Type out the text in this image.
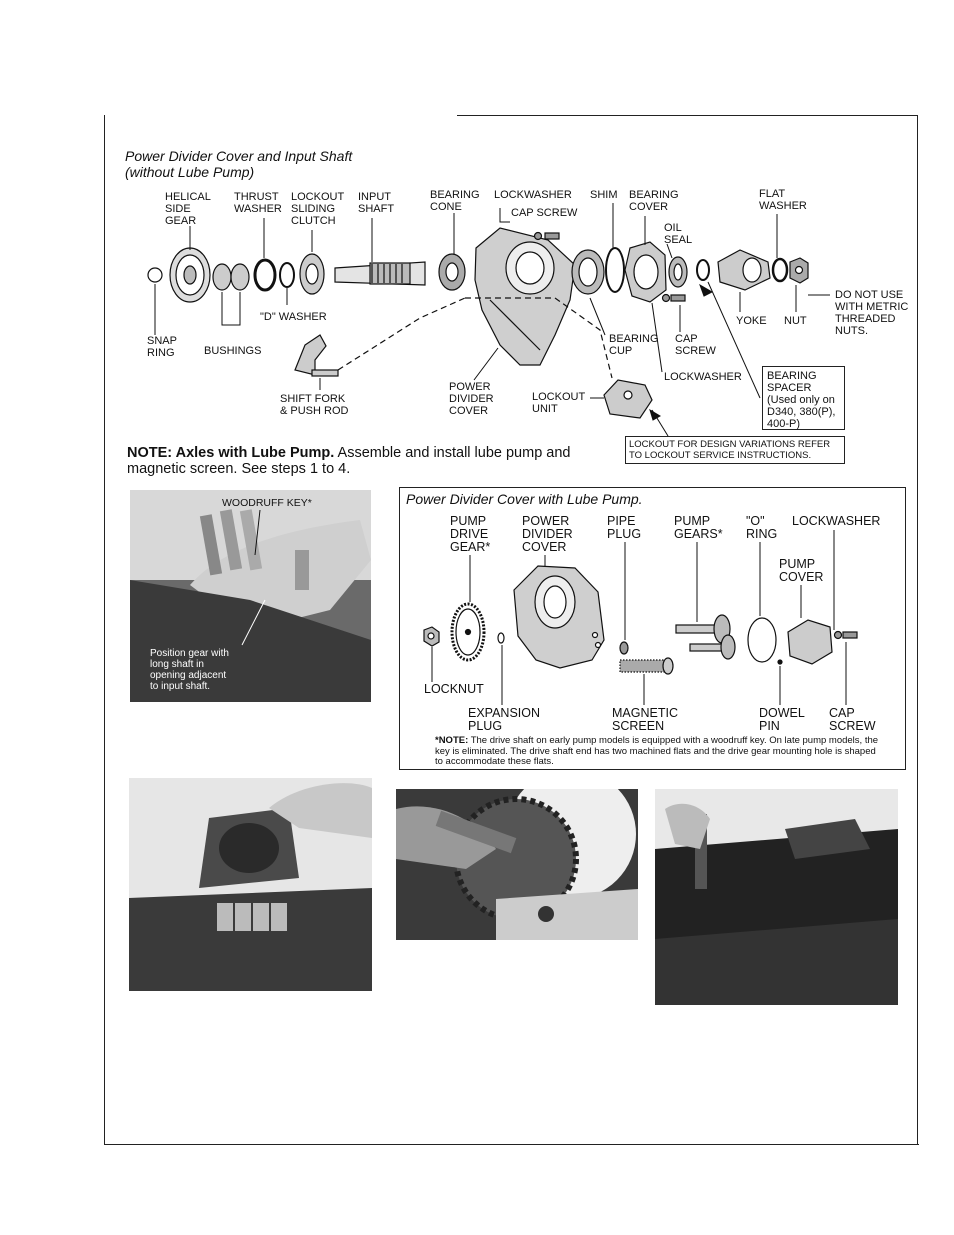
Power Divider Cover and Input Shaft
(without Lube Pump)
HELICAL
SIDE
GEAR
THRUST
WASHER
LOCKOUT
SLIDING
CLUTCH
INPUT
SHAFT
BEARING
CONE
LOCKWASHER
CAP SCREW
SHIM BEARING
COVER
OIL
SEAL
FLAT
WASHER
DO NOT USE
WITH METRIC
THREADED
NUTS.
SNAP
RING	BUSHINGS
"D" WASHER
BEARING
CUP
CAP
SCREW
YOKE NUT
LOCKWASHER BEARING
SPACER
(Used only on
D340, 380(P),
400-P)
SHIFT FORK
& PUSH ROD
POWER
DIVIDER
COVER
LOCKOUT
UNIT
LOCKOUT FOR DESIGN VARIATIONS REFER
TO LOCKOUT SERVICE INSTRUCTIONS.
NOTE: Axles with Lube Pump. Assemble and install lube pump and magnetic screen. See steps 1 to 4.
WOODRUFF KEY*
Position gear with
long shaft in
opening adjacent
to input shaft.
Power Divider Cover with Lube Pump.
PUMP
DRIVE
GEAR*
POWER
DIVIDER
COVER
PIPE
PLUG
PUMP
GEARS*
"O"
RING
LOCKWASHER
PUMP
COVER
LOCKNUT
EXPANSION
PLUG
MAGNETIC
SCREEN
DOWEL
PIN
CAP
SCREW
*NOTE: The drive shaft on early pump models is equipped with a woodruff key. On late pump models, the key is eliminated. The drive shaft end has two machined flats and the drive gear mounting hole is shaped to accommodate these flats.
